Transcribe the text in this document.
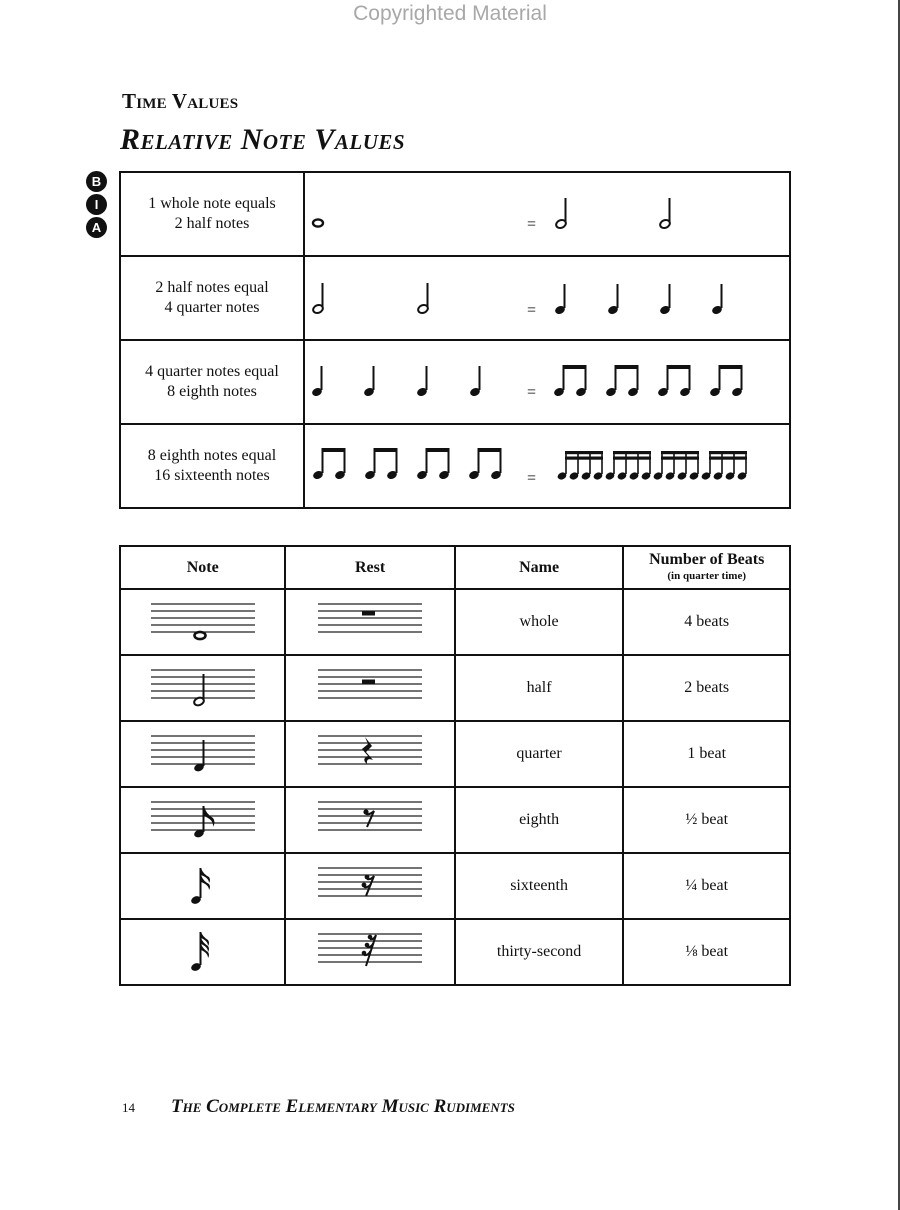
Copyrighted Material
Time Values
Relative Note Values
B
I
A
1 whole note equals
2 half notes	=

2 half notes equal
4 quarter notes	=

4 quarter notes equal
8 eighth notes	=

8 eighth notes equal
16 sixteenth notes	=
Note	Rest	Name	Number of Beats
(in quarter time)

		whole	4 beats
		half	2 beats
		quarter	1 beat
		eighth	½ beat
		sixteenth	¼ beat
		thirty-second	⅛ beat
14 The Complete Elementary Music Rudiments
